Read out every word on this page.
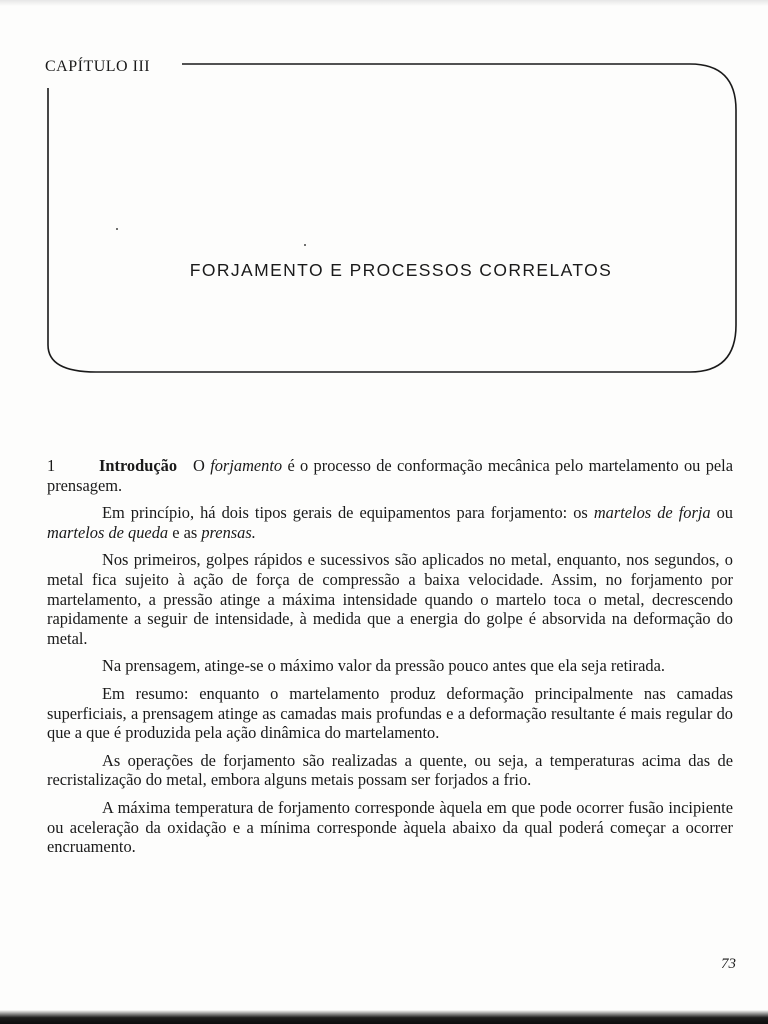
CAPÍTULO III
FORJAMENTO E PROCESSOS CORRELATOS

1	Introdução O forjamento é o processo de conformação mecânica pelo martelamento ou pela prensagem.

Em princípio, há dois tipos gerais de equipamentos para forjamento: os martelos de forja ou martelos de queda e as prensas.

Nos primeiros, golpes rápidos e sucessivos são aplicados no metal, enquanto, nos segundos, o metal fica sujeito à ação de força de compressão a baixa velocidade. Assim, no forjamento por martelamento, a pressão atinge a máxima intensidade quando o martelo toca o metal, decrescendo rapidamente a seguir de intensidade, à medida que a energia do golpe é absorvida na deformação do metal.

Na prensagem, atinge-se o máximo valor da pressão pouco antes que ela seja retirada.

Em resumo: enquanto o martelamento produz deformação principalmente nas camadas superficiais, a prensagem atinge as camadas mais profundas e a deformação resultante é mais regular do que a que é produzida pela ação dinâmica do martelamento.

As operações de forjamento são realizadas a quente, ou seja, a temperaturas acima das de recristalização do metal, embora alguns metais possam ser forjados a frio.

A máxima temperatura de forjamento corresponde àquela em que pode ocorrer fusão incipiente ou aceleração da oxidação e a mínima corresponde àquela abaixo da qual poderá começar a ocorrer encruamento.

73
